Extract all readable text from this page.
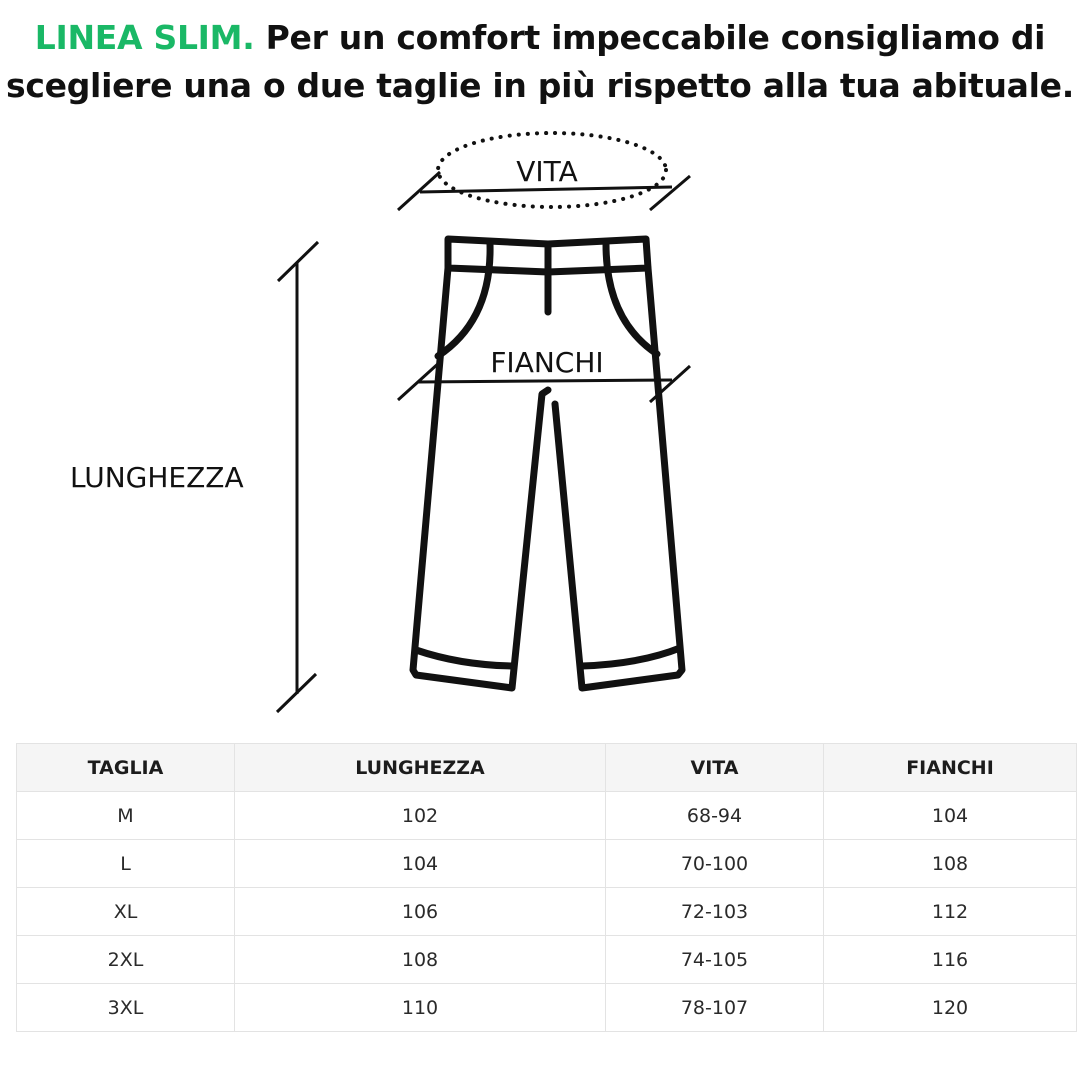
LINEA SLIM. Per un comfort impeccabile consigliamo di
scegliere una o due taglie in più rispetto alla tua abituale.
VITA
LUNGHEZZA
FIANCHI
TAGLIA	LUNGHEZZA	VITA	FIANCHI
M	102	68-94	104
L	104	70-100	108
XL	106	72-103	112
2XL	108	74-105	116
3XL	110	78-107	120
